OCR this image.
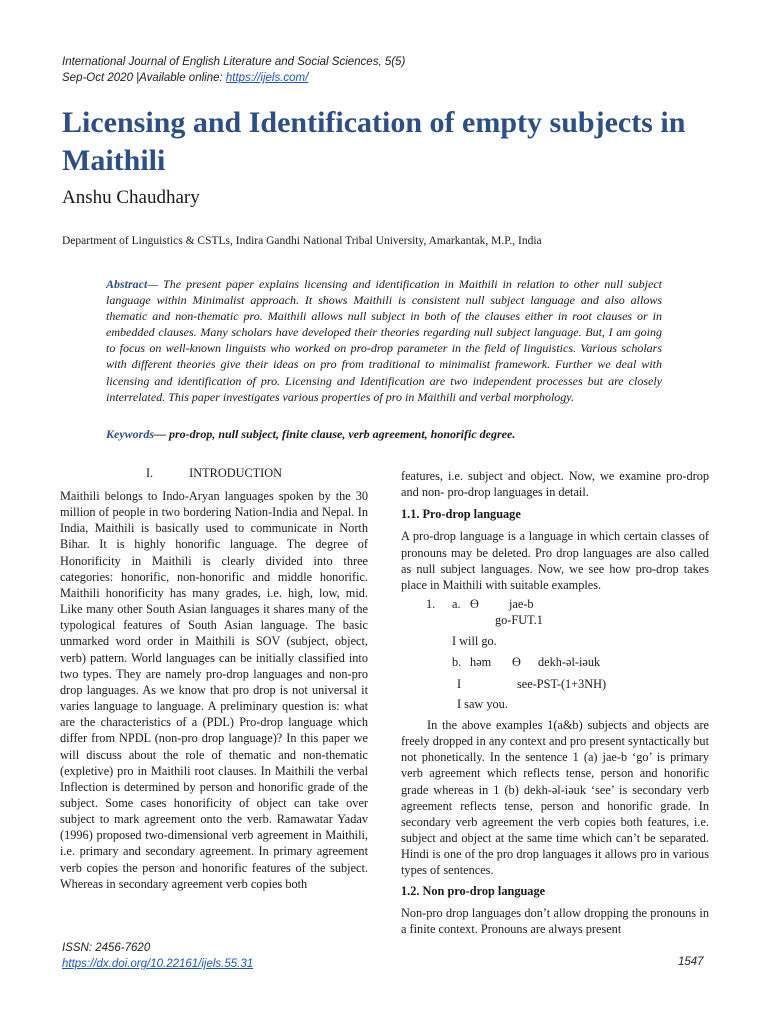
International Journal of English Literature and Social Sciences, 5(5)
Sep-Oct 2020 |Available online: https://ijels.com/
Licensing and Identification of empty subjects in Maithili
Anshu Chaudhary
Department of Linguistics & CSTLs, Indira Gandhi National Tribal University, Amarkantak, M.P., India
Abstract— The present paper explains licensing and identification in Maithili in relation to other null subject language within Minimalist approach. It shows Maithili is consistent null subject language and also allows thematic and non-thematic pro. Maithili allows null subject in both of the clauses either in root clauses or in embedded clauses. Many scholars have developed their theories regarding null subject language. But, I am going to focus on well-known linguists who worked on pro-drop parameter in the field of linguistics. Various scholars with different theories give their ideas on pro from traditional to minimalist framework. Further we deal with licensing and identification of pro. Licensing and Identification are two independent processes but are closely interrelated. This paper investigates various properties of pro in Maithili and verbal morphology.
Keywords— pro-drop, null subject, finite clause, verb agreement, honorific degree.
I.	INTRODUCTION

Maithili belongs to Indo-Aryan languages spoken by the 30 million of people in two bordering Nation-India and Nepal. In India, Maithili is basically used to communicate in North Bihar. It is highly honorific language. The degree of Honorificity in Maithili is clearly divided into three categories: honorific, non-honorific and middle honorific. Maithili honorificity has many grades, i.e. high, low, mid. Like many other South Asian languages it shares many of the typological features of South Asian language. The basic unmarked word order in Maithili is SOV (subject, object, verb) pattern. World languages can be initially classified into two types. They are namely pro-drop languages and non-pro drop languages. As we know that pro drop is not universal it varies language to language. A preliminary question is: what are the characteristics of a (PDL) Pro-drop language which differ from NPDL (non-pro drop language)? In this paper we will discuss about the role of thematic and non-thematic (expletive) pro in Maithili root clauses. In Maithili the verbal Inflection is determined by person and honorific grade of the subject. Some cases honorificity of object can take over subject to mark agreement onto the verb. Ramawatar Yadav (1996) proposed two-dimensional verb agreement in Maithili, i.e. primary and secondary agreement. In primary agreement verb copies the person and honorific features of the subject. Whereas in secondary agreement verb copies both

features, i.e. subject and object. Now, we examine pro-drop and non- pro-drop languages in detail.

1.1. Pro-drop language

A pro-drop language is a language in which certain classes of pronouns may be deleted. Pro drop languages are also called as null subject languages. Now, we see how pro-drop takes place in Maithili with suitable examples.

1. a. ϴ jae-b
go-FUT.1
I will go.
b. həm ϴ dekh-əl-iəuk
I	see-PST-(1+3NH)
I saw you.

In the above examples 1(a&b) subjects and objects are freely dropped in any context and pro present syntactically but not phonetically. In the sentence 1 (a) jae-b ‘go’ is primary verb agreement which reflects tense, person and honorific grade whereas in 1 (b) dekh-əl-iəuk ‘see’ is secondary verb agreement reflects tense, person and honorific grade. In secondary verb agreement the verb copies both features, i.e. subject and object at the same time which can’t be separated. Hindi is one of the pro drop languages it allows pro in various types of sentences.

1.2. Non pro-drop language

Non-pro drop languages don’t allow dropping the pronouns in a finite context. Pronouns are always present

ISSN: 2456-7620
https://dx.doi.org/10.22161/ijels.55.31	1547
